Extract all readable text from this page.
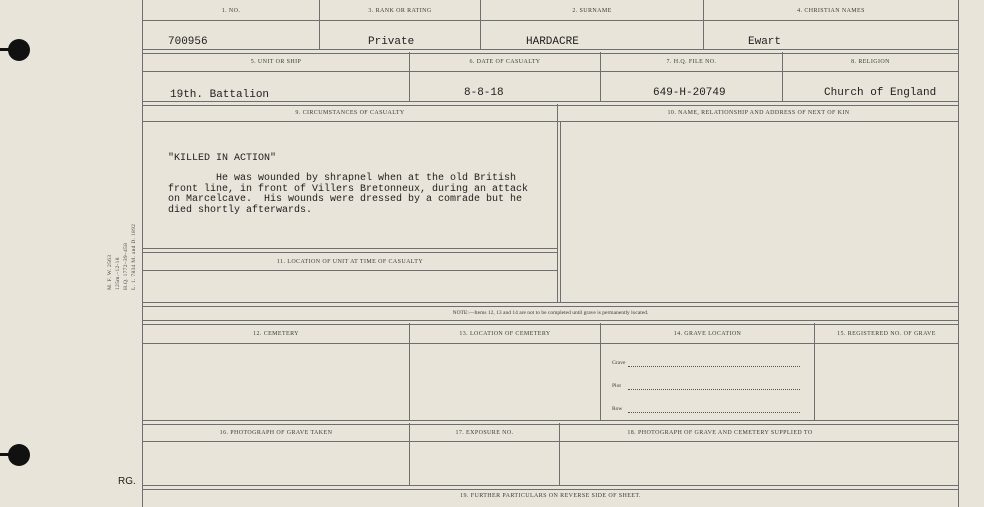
M. F. W. 2563 125m.–12-18 H.Q. 1772–39–458 L. 1. 7834 M. and D. 1892
RG.
1. NO.	3. RANK OR RATING	2. SURNAME	4. CHRISTIAN NAMES
700956	Private	HARDACRE	Ewart
5. UNIT OR SHIP	6. DATE OF CASUALTY	7. H.Q. FILE NO.	8. RELIGION
19th. Battalion	8-8-18	649-H-20749	Church of England
9. CIRCUMSTANCES OF CASUALTY	10. NAME, RELATIONSHIP AND ADDRESS OF NEXT OF KIN
"KILLED IN ACTION"
He was wounded by shrapnel when at the old British
front line, in front of Villers Bretonneux, during an attack
on Marcelcave.  His wounds were dressed by a comrade but he
died shortly afterwards.
11. LOCATION OF UNIT AT TIME OF CASUALTY
NOTE:—Items 12, 13 and 14 are not to be completed until grave is permanently located.
12. CEMETERY	13. LOCATION OF CEMETERY	14. GRAVE LOCATION	15. REGISTERED NO. OF GRAVE
Grave
Plot
Row
16. PHOTOGRAPH OF GRAVE TAKEN	17. EXPOSURE NO.	18. PHOTOGRAPH OF GRAVE AND CEMETERY SUPPLIED TO
19. FURTHER PARTICULARS ON REVERSE SIDE OF SHEET.
